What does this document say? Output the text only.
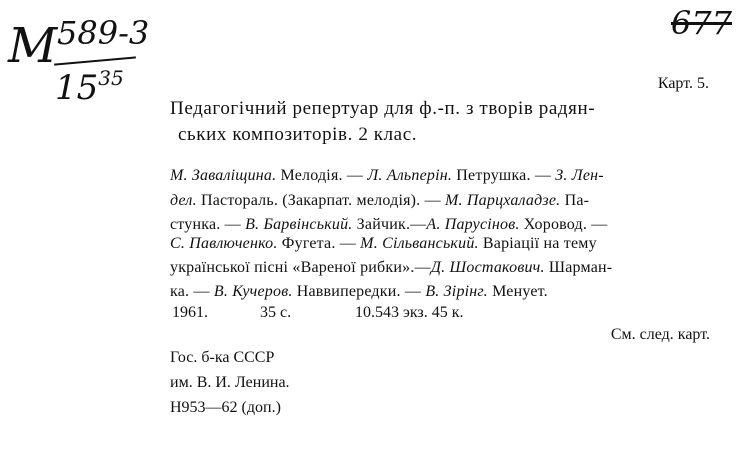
М
589-3
$15^{35}$
677
Карт. 5.
Педагогічний репертуар для ф.-п. з творів радян-
ських композиторів. 2 клас.
М. Заваліщина. Мелодія. — Л. Альперін. Петрушка. — З. Лен-
дел. Пастораль. (Закарпат. мелодія). — М. Парцхаладзе. Па-
стунка. — В. Барвінський. Зайчик.—А. Парусінов. Хоровод. —
С. Павлюченко. Фугета. — М. Сільванський. Варіації на тему
української пісні «Вареної рибки».—Д. Шостакович. Шарман-
ка. — В. Кучеров. Наввипередки. — В. Зірінг. Менует.
1961.	35 с.	10.543 экз. 45 к.
См. след. карт.
Гос. б-ка СССР
им. В. И. Ленина.
Н953—62 (доп.)
